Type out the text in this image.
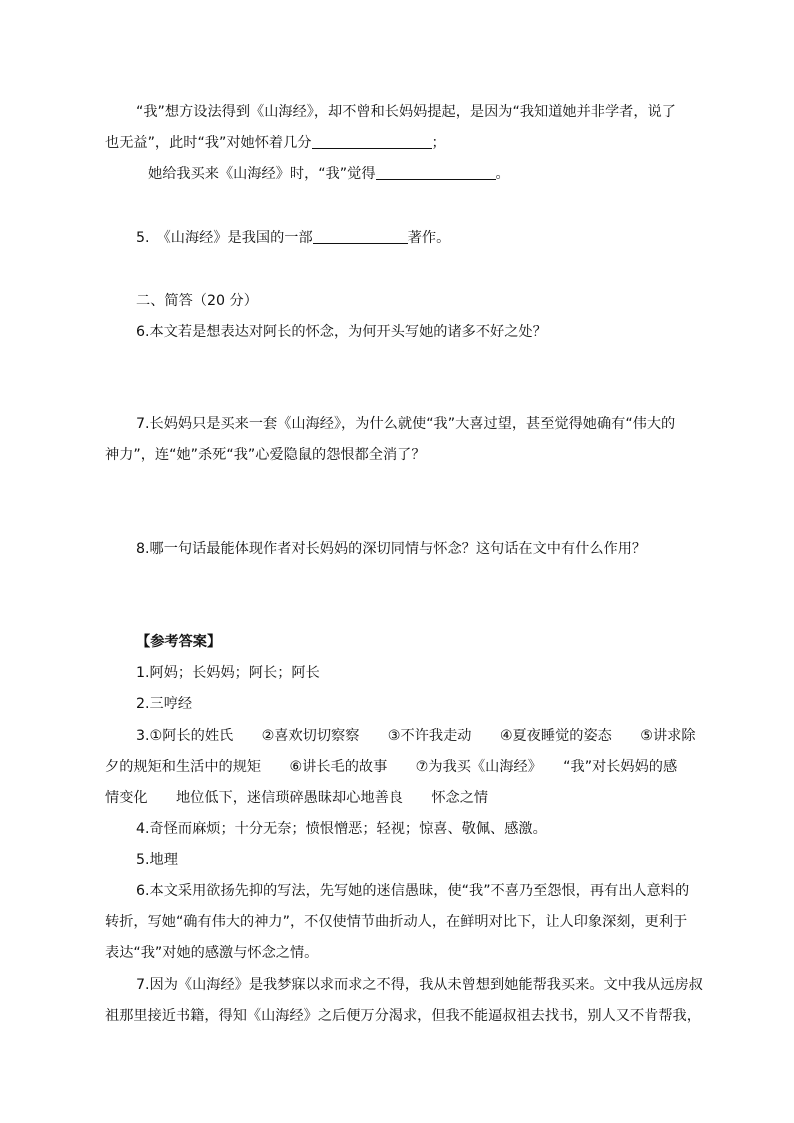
“我”想方设法得到《山海经》，却不曾和长妈妈提起，是因为“我知道她并非学者，说了
也无益”，此时“我”对她怀着几分	；
她给我买来《山海经》时，“我”觉得	。
5.　《山海经》是我国的一部	著作。
二、简答（20 分）
6.本文若是想表达对阿长的怀念，为何开头写她的诸多不好之处？
7.长妈妈只是买来一套《山海经》，为什么就使“我”大喜过望，甚至觉得她确有“伟大的
神力”，连“她”杀死“我”心爱隐鼠的怨恨都全消了？
8.哪一句话最能体现作者对长妈妈的深切同情与怀念？这句话在文中有什么作用？
【参考答案】
1.阿妈；长妈妈；阿长；阿长
2.三哼经
3.①阿长的姓氏　　②喜欢切切察察　　③不许我走动　　④夏夜睡觉的姿态　　⑤讲求除
夕的规矩和生活中的规矩　　⑥讲长毛的故事　　⑦为我买《山海经》　　“我”对长妈妈的感
情变化　　地位低下，迷信琐碎愚昧却心地善良　　怀念之情
4.奇怪而麻烦；十分无奈；愤恨憎恶；轻视；惊喜、敬佩、感激。
5.地理
6.本文采用欲扬先抑的写法，先写她的迷信愚昧，使“我”不喜乃至怨恨，再有出人意料的
转折，写她“确有伟大的神力”，不仅使情节曲折动人，在鲜明对比下，让人印象深刻，更利于
表达“我”对她的感激与怀念之情。
7.因为《山海经》是我梦寐以求而求之不得，我从未曾想到她能帮我买来。文中我从远房叔
祖那里接近书籍，得知《山海经》之后便万分渴求，但我不能逼叔祖去找书，别人又不肯帮我，
